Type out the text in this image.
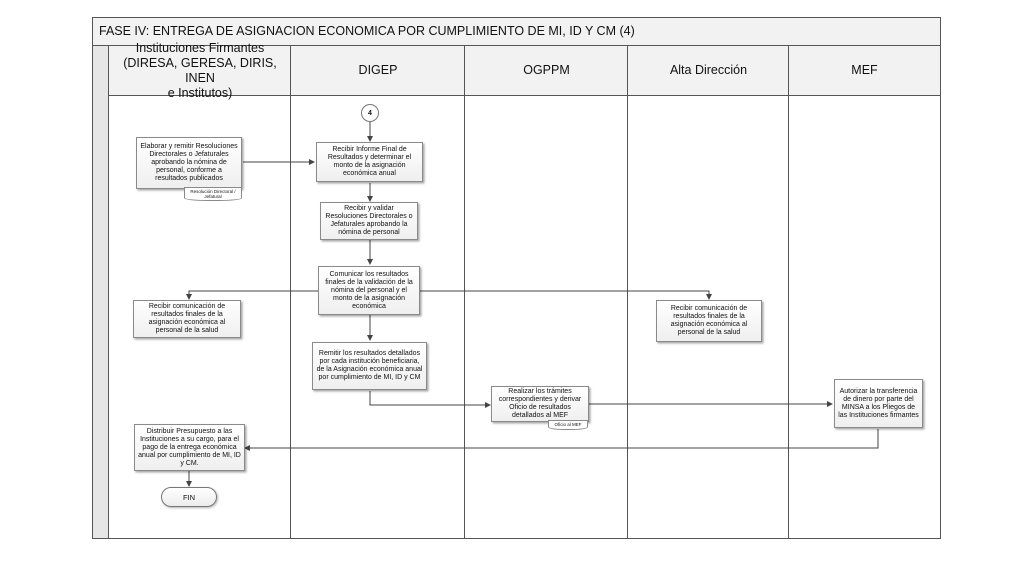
FASE IV: ENTREGA DE ASIGNACION ECONOMICA POR CUMPLIMIENTO DE MI, ID Y CM (4)
Instituciones Firmantes
(DIRESA, GERESA, DIRIS, INEN
e Institutos)
DIGEP	OGPPM	Alta Dirección	MEF
4
Elaborar y remitir Resoluciones Directorales o Jefaturales aprobando la nómina de personal, conforme a resultados publicados
Resolución Directoral / Jefatural
Recibir Informe Final de Resultados y determinar el monto de la asignación económica anual
Recibir y validar Resoluciones Directorales o Jefaturales aprobando la nómina de personal
Comunicar los resultados finales de la validación de la nómina del personal y el monto de la asignación económica
Recibir comunicación de resultados finales de la asignación económica al personal de la salud
Recibir comunicación de resultados finales de la asignación económica al personal de la salud
Remitir los resultados detallados por cada institución beneficiaria, de la Asignación económica anual por cumplimiento de MI, ID y CM
Realizar los trámites correspondientes y derivar Oficio de resultados detallados al MEF
Oficio al MEF
Autorizar la transferencia de dinero por parte del MINSA a los Pliegos de las Instituciones firmantes
Distribuir Presupuesto a las Instituciones a su cargo, para el pago de la entrega económica anual por cumplimiento de MI, ID y CM.
FIN
